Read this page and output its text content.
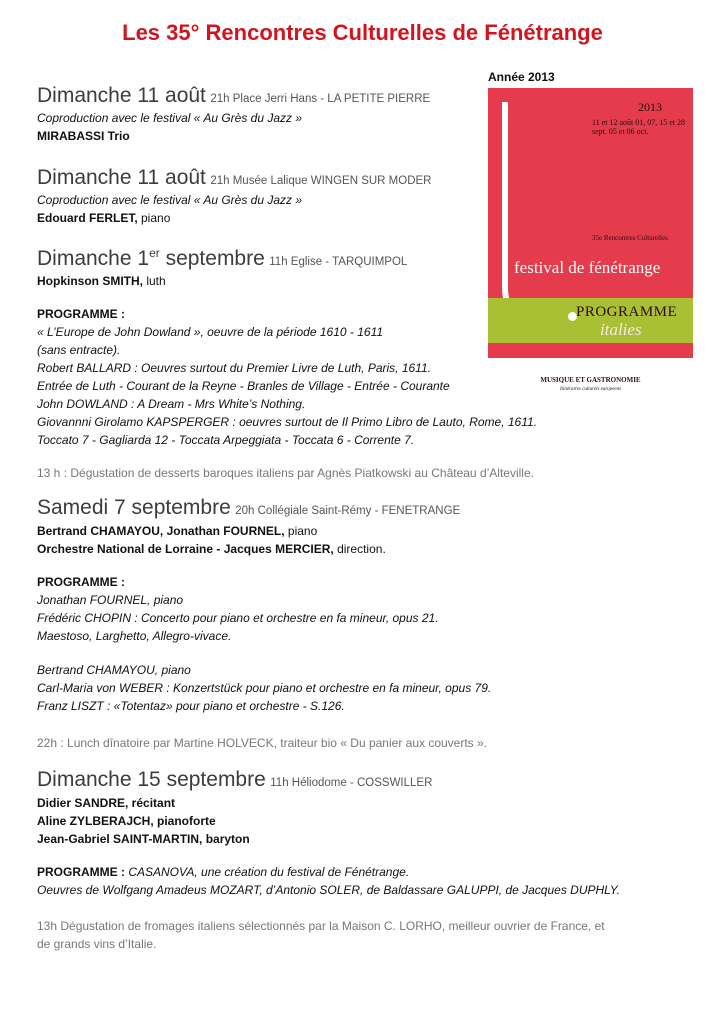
Les 35° Rencontres Culturelles de Fénétrange
Année 2013
2013
11 et 12 août 01, 07, 15 et 28 sept. 05 et 06 oct.
35e Rencontres Culturelles
festival de fénétrange
PROGRAMME
italies
MUSIQUE ET GASTRONOMIE
Itinéraires culturels européens
Dimanche 11 août 21h Place Jerri Hans - LA PETITE PIERRE
Coproduction avec le festival « Au Grès du Jazz »
MIRABASSI Trio
Dimanche 11 août 21h Musée Lalique WINGEN SUR MODER
Coproduction avec le festival « Au Grès du Jazz »
Edouard FERLET, piano
Dimanche 1er septembre 11h Eglise - TARQUIMPOL
Hopkinson SMITH, luth
PROGRAMME :
« L’Europe de John Dowland », oeuvre de la période 1610 - 1611
(sans entracte).
Robert BALLARD : Oeuvres surtout du Premier Livre de Luth, Paris, 1611.
Entrée de Luth - Courant de la Reyne - Branles de Village - Entrée - Courante
John DOWLAND : A Dream - Mrs White’s Nothing.
Giovannni Girolamo KAPSPERGER : oeuvres surtout de Il Primo Libro de Lauto, Rome, 1611.
Toccato 7 - Gagliarda 12 - Toccata Arpeggiata - Toccata 6 - Corrente 7.
13 h : Dégustation de desserts baroques italiens par Agnès Piatkowski au Château d’Alteville.
Samedi 7 septembre 20h Collégiale Saint-Rémy - FENETRANGE
Bertrand CHAMAYOU, Jonathan FOURNEL, piano
Orchestre National de Lorraine - Jacques MERCIER, direction.
PROGRAMME :
Jonathan FOURNEL, piano
Frédéric CHOPIN : Concerto pour piano et orchestre en fa mineur, opus 21.
Maestoso, Larghetto, Allegro-vivace.
Bertrand CHAMAYOU, piano
Carl-Maria von WEBER : Konzertstück pour piano et orchestre en fa mineur, opus 79.
Franz LISZT : «Totentaz» pour piano et orchestre - S.126.
22h : Lunch dînatoire par Martine HOLVECK, traiteur bio « Du panier aux couverts ».
Dimanche 15 septembre 11h Héliodome - COSSWILLER
Didier SANDRE, récitant
Aline ZYLBERAJCH, pianoforte
Jean-Gabriel SAINT-MARTIN, baryton
PROGRAMME : CASANOVA, une création du festival de Fénétrange.
Oeuvres de Wolfgang Amadeus MOZART, d’Antonio SOLER, de Baldassare GALUPPI, de Jacques DUPHLY.
13h Dégustation de fromages italiens sélectionnés par la Maison C. LORHO, meilleur ouvrier de France, et
de grands vins d’Italie.
